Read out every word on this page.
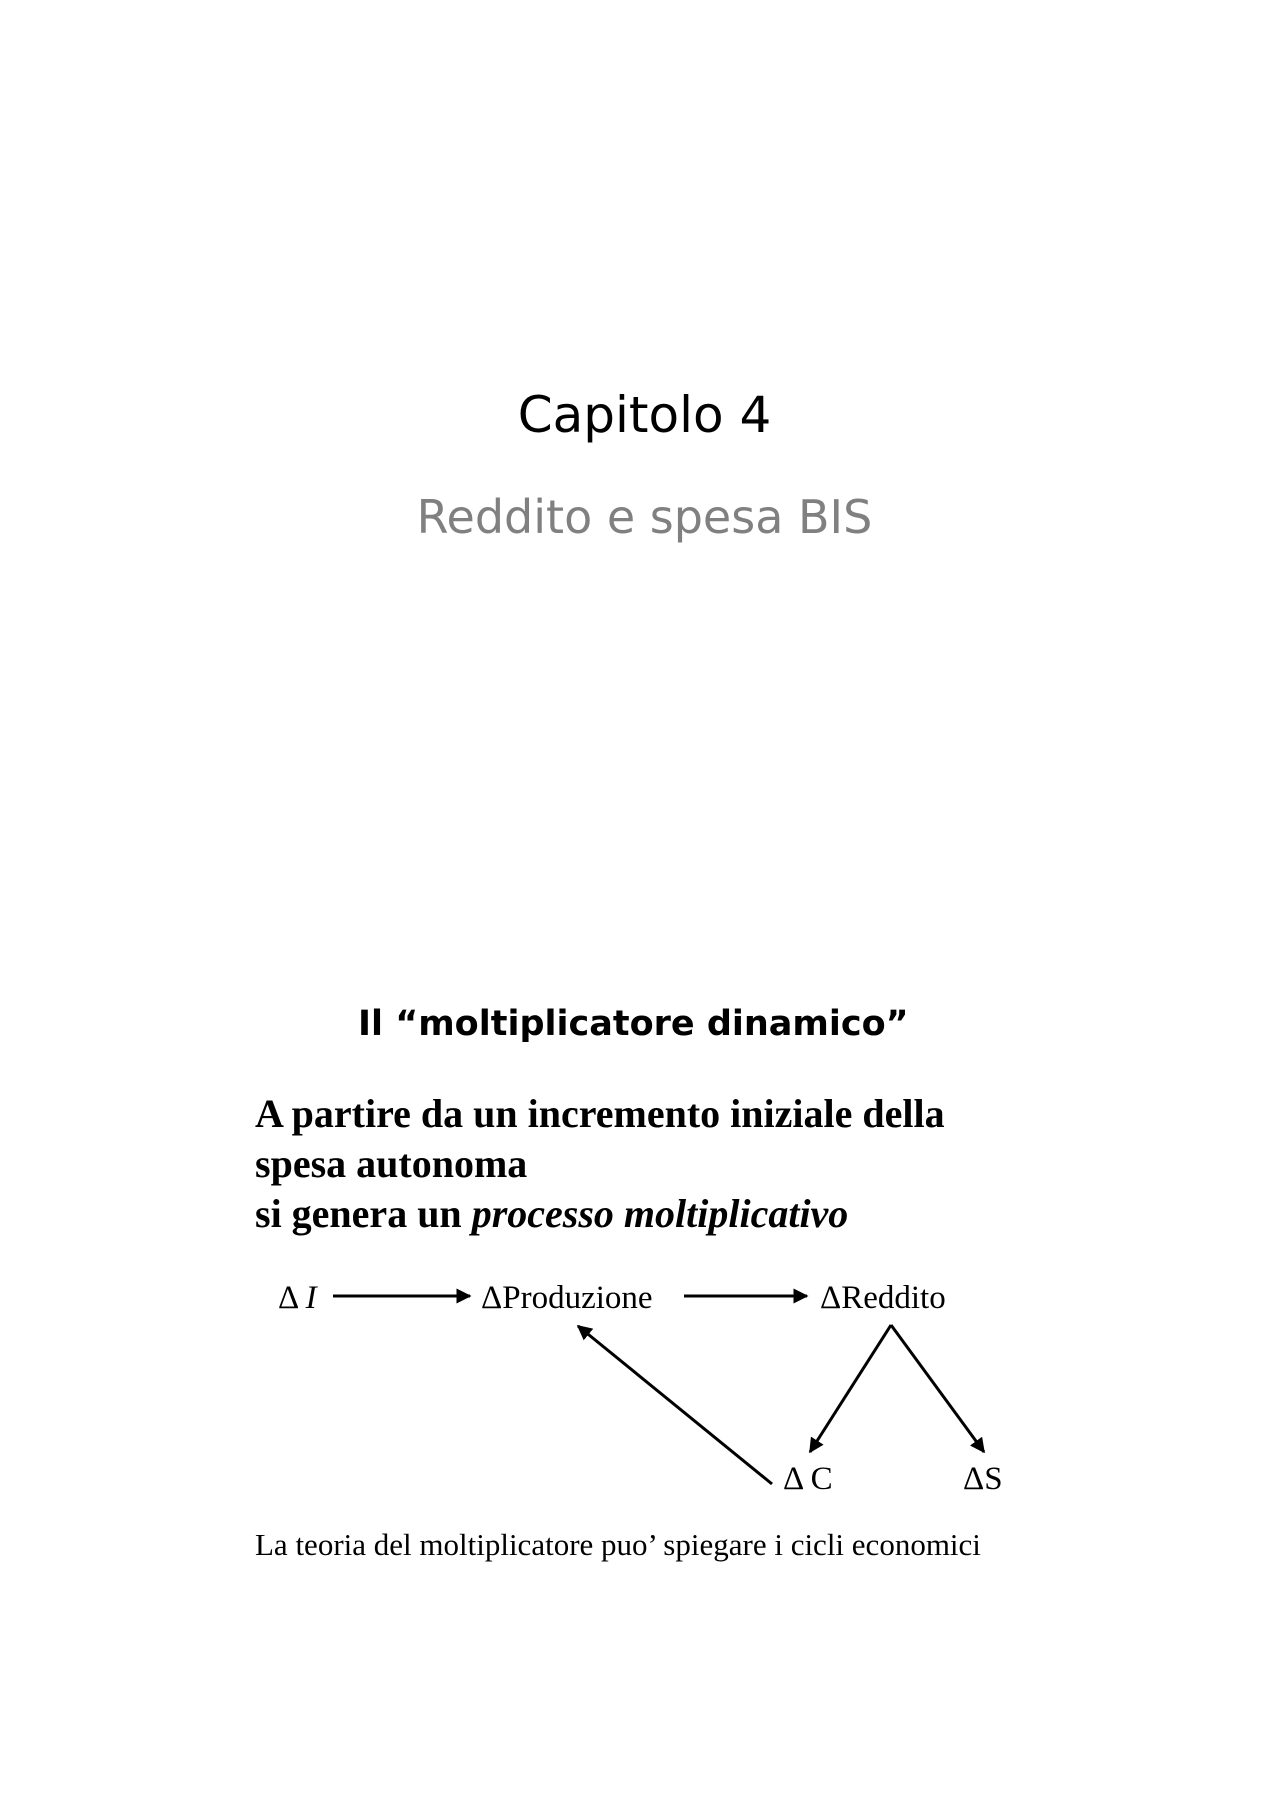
Capitolo 4
Reddito e spesa BIS
Il “moltiplicatore dinamico”
A partire da un incremento iniziale della
spesa autonoma
si genera un processo moltiplicativo
Δ I	ΔProduzione	ΔReddito
Δ C	ΔS
La teoria del moltiplicatore puo’ spiegare i cicli economici
